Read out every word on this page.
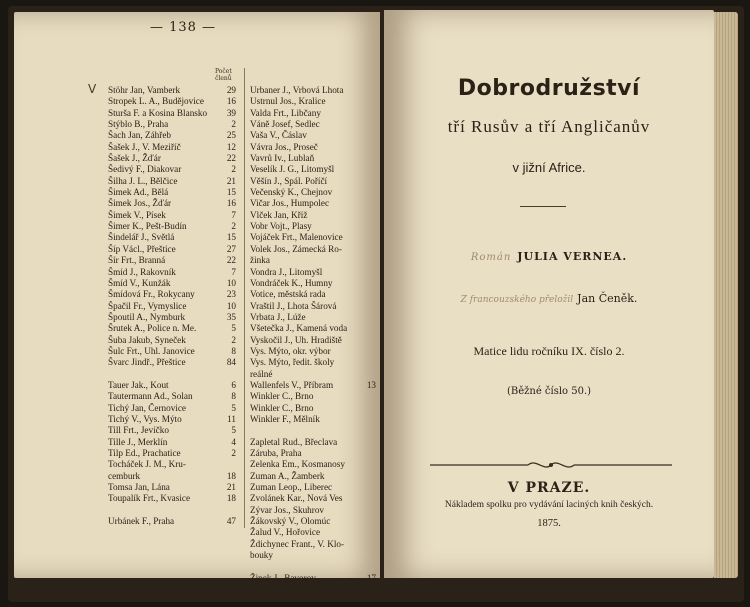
— 138 —
V
Počet
členů
Stöhr Jan, Vamberk	29
Stropek L. A., Budějovice	16
Sturša F. a Kosina Blansko	39
Stýblo B., Praha	2
Šach Jan, Záhřeb	25
Šašek J., V. Meziříč	12
Šašek J., Žďár	22
Šedivý F., Diakovar	2
Šilha J. L., Bělčice	21
Šimek Ad., Bělá	15
Šimek Jos., Žďár	16
Šimek V., Písek	7
Šimer K., Pešt-Budín	2
Šindelář J., Světlá	15
Šíp Václ., Přeštice	27
Šír Frt., Branná	22
Šmíd J., Rakovník	7
Šmíd V., Kunžák	10
Šmídová Fr., Rokycany	23
Špačil Fr., Vymyslice	10
Špoutil A., Nymburk	35
Šrutek A., Police n. Me.	5
Šuba Jakub, Syneček	2
Šulc Frt., Uhl. Janovice	8
Švarc Jindř., Přeštice	84
Tauer Jak., Kout	6
Tautermann Ad., Solan	8
Tichý Jan, Černovice	5
Tichý V., Vys. Mýto	11
Till Frt., Jevíčko	5
Tille J., Merklín	4
Tilp Ed., Prachatice	2
Tocháček J. M., Kru-
cemburk	18
Tomsa Jan, Lána	21
Toupalík Frt., Kvasice	18
Urbánek F., Praha	47
Urbaner J., Vrbová Lhota
Ustrnul Jos., Kralice
Valda Frt., Libčany
Váně Josef, Sedlec
Vaša V., Čáslav
Vávra Jos., Proseč
Vavrů Iv., Lublaň
Veselík J. G., Litomyšl
Věšín J., Spál. Poříčí
Večenský K., Chejnov
Vičar Jos., Humpolec
Vlček Jan, Kříž
Vobr Vojt., Plasy
Vojáček Frt., Malenovice
Volek Jos., Zámecká Ro-
žinka
Vondra J., Litomyšl
Vondráček K., Humny
Votice, městská rada
Vraštil J., Lhota Šárová
Vrbata J., Lúže
Všetečka J., Kamená voda
Vyskočil J., Uh. Hradiště
Vys. Mýto, okr. výbor
Vys. Mýto, ředit. školy
reálné
Wallenfels V., Příbram	13
Winkler C., Brno
Winkler C., Brno
Winkler F., Mělník
Zapletal Rud., Břeclava
Záruba, Praha
Zelenka Em., Kosmanosy
Zuman A., Žamberk
Zuman Leop., Liberec
Zvolánek Kar., Nová Ves
Zývar Jos., Skuhrov
Žákovský V., Olomúc
Žalud V., Hořovice
Ždichynec Frant., V. Klo-
bouky
Žipek J., Bavorov	17
Dobrodružství
tří Rusův a tří Angličanův
v jižní Africe.
Román JULIA VERNEA.
Z francouzského přeložil Jan Čeněk.
Matice lidu ročníku IX. číslo 2.
(Běžné číslo 50.)
V PRAZE.
Nákladem spolku pro vydávání laciných knih českých.
1875.
